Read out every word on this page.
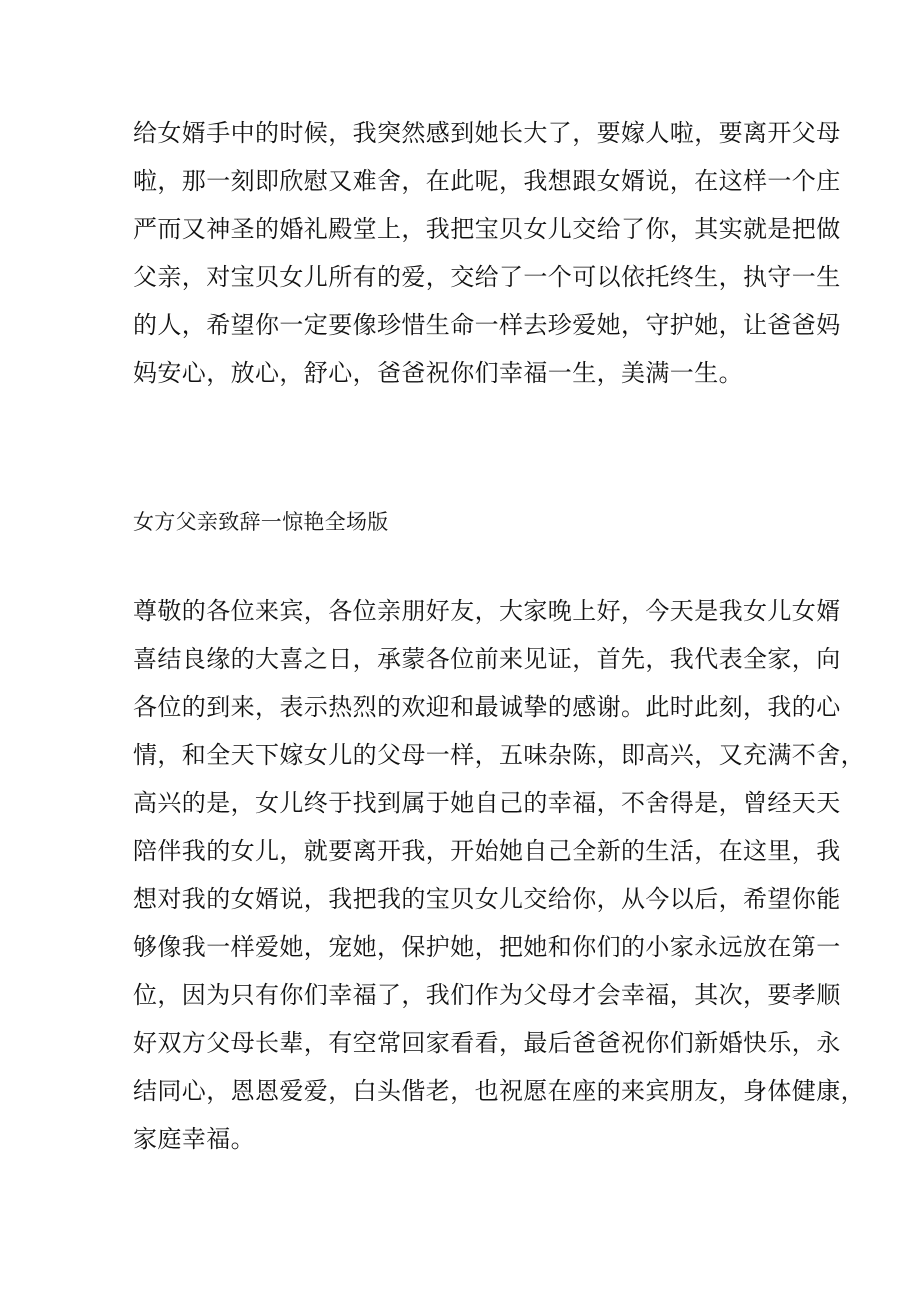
给女婿手中的时候，我突然感到她长大了，要嫁人啦，要离开父母
啦，那一刻即欣慰又难舍，在此呢，我想跟女婿说，在这样一个庄
严而又神圣的婚礼殿堂上，我把宝贝女儿交给了你，其实就是把做
父亲，对宝贝女儿所有的爱，交给了一个可以依托终生，执守一生
的人，希望你一定要像珍惜生命一样去珍爱她，守护她，让爸爸妈
妈安心，放心，舒心，爸爸祝你们幸福一生，美满一生。
女方父亲致辞一惊艳全场版
尊敬的各位来宾，各位亲朋好友，大家晚上好，今天是我女儿女婿
喜结良缘的大喜之日，承蒙各位前来见证，首先，我代表全家，向
各位的到来，表示热烈的欢迎和最诚挚的感谢。此时此刻，我的心
情，和全天下嫁女儿的父母一样，五味杂陈，即高兴，又充满不舍，
高兴的是，女儿终于找到属于她自己的幸福，不舍得是，曾经天天
陪伴我的女儿，就要离开我，开始她自己全新的生活，在这里，我
想对我的女婿说，我把我的宝贝女儿交给你，从今以后，希望你能
够像我一样爱她，宠她，保护她，把她和你们的小家永远放在第一
位，因为只有你们幸福了，我们作为父母才会幸福，其次，要孝顺
好双方父母长辈，有空常回家看看，最后爸爸祝你们新婚快乐，永
结同心，恩恩爱爱，白头偕老，也祝愿在座的来宾朋友，身体健康，
家庭幸福。
